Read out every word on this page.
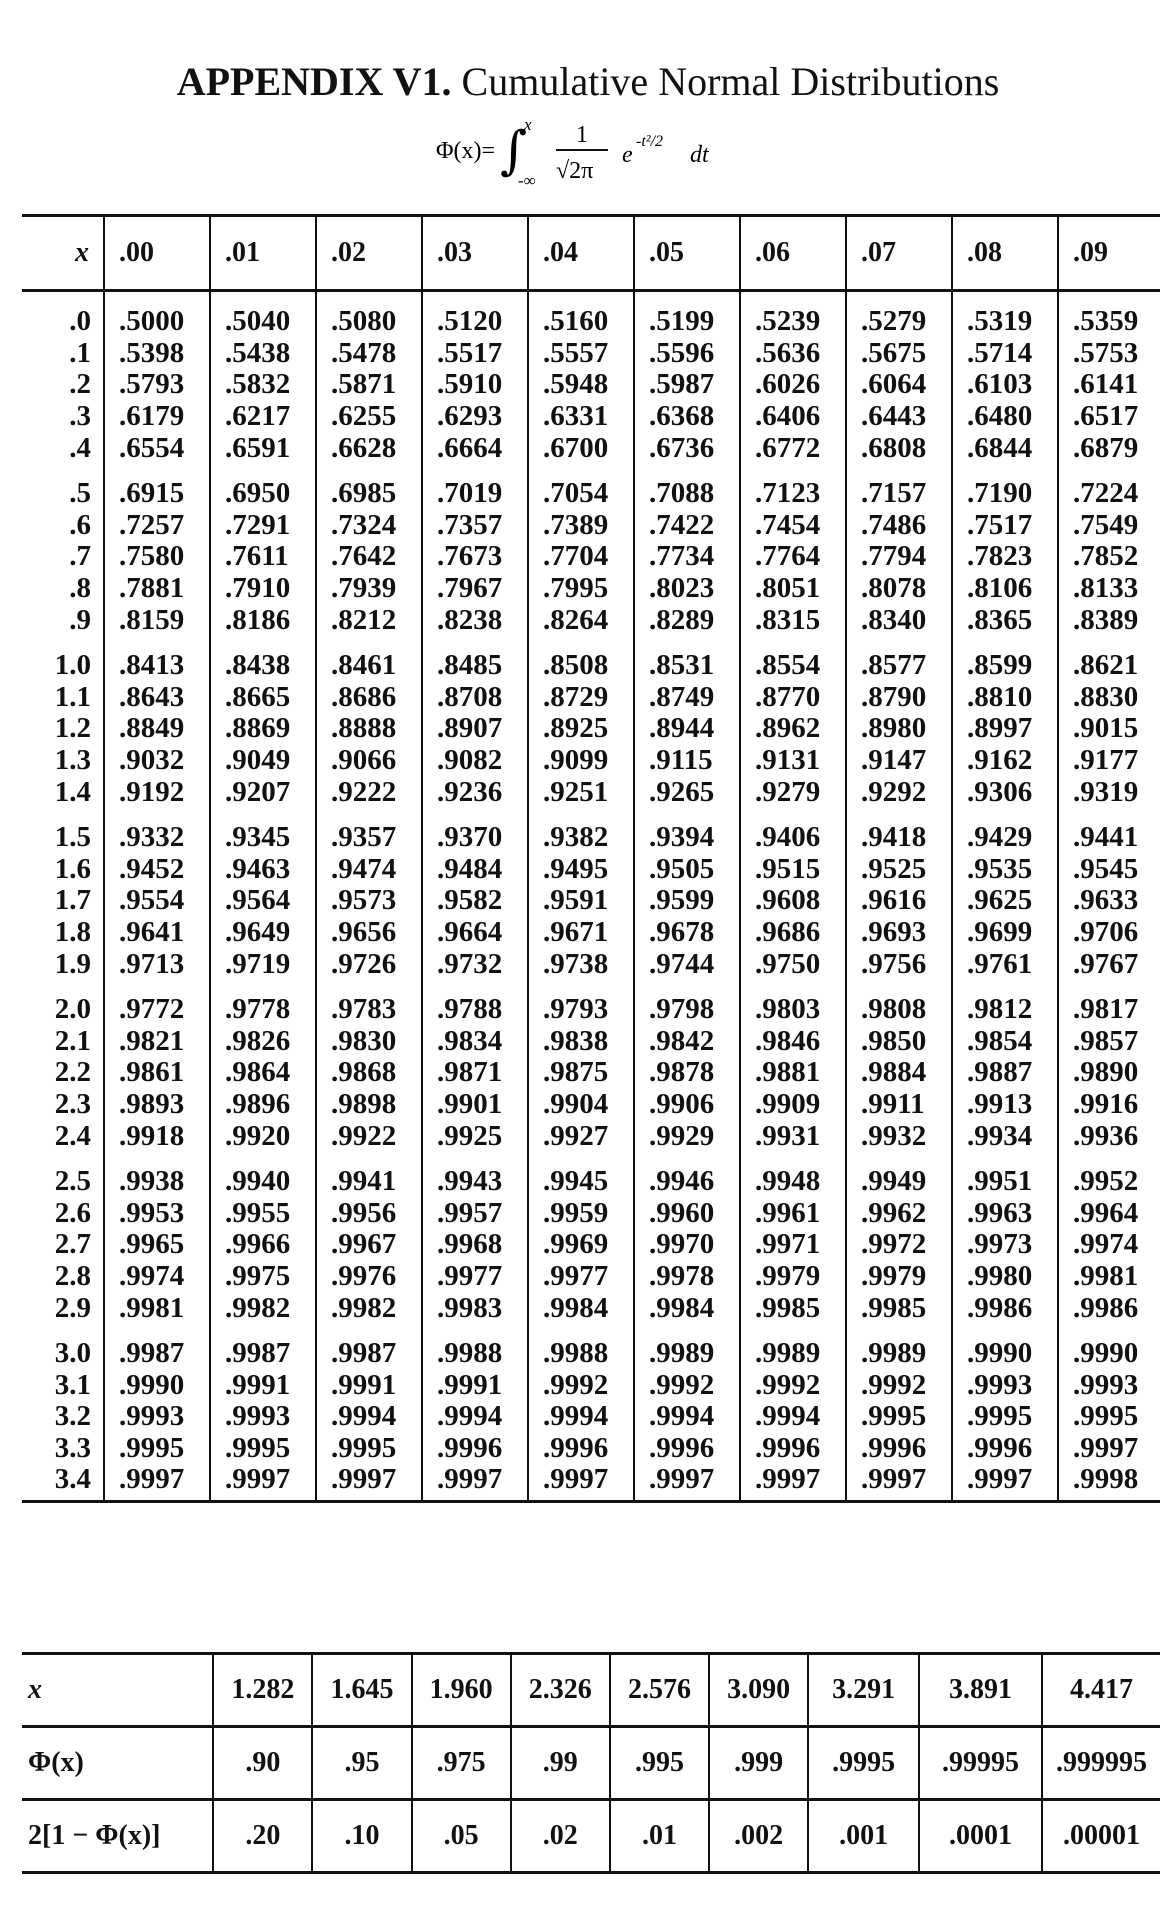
APPENDIX V1. Cumulative Normal Distributions
Φ(x)= ∫
x
-∞
1
√2π
e
-t²/2
dt
x	.00	.01	.02	.03	.04	.05	.06	.07	.08	.09
.0	.5000	.5040	.5080	.5120	.5160	.5199	.5239	.5279	.5319	.5359
.1	.5398	.5438	.5478	.5517	.5557	.5596	.5636	.5675	.5714	.5753
.2	.5793	.5832	.5871	.5910	.5948	.5987	.6026	.6064	.6103	.6141
.3	.6179	.6217	.6255	.6293	.6331	.6368	.6406	.6443	.6480	.6517
.4	.6554	.6591	.6628	.6664	.6700	.6736	.6772	.6808	.6844	.6879
.5	.6915	.6950	.6985	.7019	.7054	.7088	.7123	.7157	.7190	.7224
.6	.7257	.7291	.7324	.7357	.7389	.7422	.7454	.7486	.7517	.7549
.7	.7580	.7611	.7642	.7673	.7704	.7734	.7764	.7794	.7823	.7852
.8	.7881	.7910	.7939	.7967	.7995	.8023	.8051	.8078	.8106	.8133
.9	.8159	.8186	.8212	.8238	.8264	.8289	.8315	.8340	.8365	.8389
1.0	.8413	.8438	.8461	.8485	.8508	.8531	.8554	.8577	.8599	.8621
1.1	.8643	.8665	.8686	.8708	.8729	.8749	.8770	.8790	.8810	.8830
1.2	.8849	.8869	.8888	.8907	.8925	.8944	.8962	.8980	.8997	.9015
1.3	.9032	.9049	.9066	.9082	.9099	.9115	.9131	.9147	.9162	.9177
1.4	.9192	.9207	.9222	.9236	.9251	.9265	.9279	.9292	.9306	.9319
1.5	.9332	.9345	.9357	.9370	.9382	.9394	.9406	.9418	.9429	.9441
1.6	.9452	.9463	.9474	.9484	.9495	.9505	.9515	.9525	.9535	.9545
1.7	.9554	.9564	.9573	.9582	.9591	.9599	.9608	.9616	.9625	.9633
1.8	.9641	.9649	.9656	.9664	.9671	.9678	.9686	.9693	.9699	.9706
1.9	.9713	.9719	.9726	.9732	.9738	.9744	.9750	.9756	.9761	.9767
2.0	.9772	.9778	.9783	.9788	.9793	.9798	.9803	.9808	.9812	.9817
2.1	.9821	.9826	.9830	.9834	.9838	.9842	.9846	.9850	.9854	.9857
2.2	.9861	.9864	.9868	.9871	.9875	.9878	.9881	.9884	.9887	.9890
2.3	.9893	.9896	.9898	.9901	.9904	.9906	.9909	.9911	.9913	.9916
2.4	.9918	.9920	.9922	.9925	.9927	.9929	.9931	.9932	.9934	.9936
2.5	.9938	.9940	.9941	.9943	.9945	.9946	.9948	.9949	.9951	.9952
2.6	.9953	.9955	.9956	.9957	.9959	.9960	.9961	.9962	.9963	.9964
2.7	.9965	.9966	.9967	.9968	.9969	.9970	.9971	.9972	.9973	.9974
2.8	.9974	.9975	.9976	.9977	.9977	.9978	.9979	.9979	.9980	.9981
2.9	.9981	.9982	.9982	.9983	.9984	.9984	.9985	.9985	.9986	.9986
3.0	.9987	.9987	.9987	.9988	.9988	.9989	.9989	.9989	.9990	.9990
3.1	.9990	.9991	.9991	.9991	.9992	.9992	.9992	.9992	.9993	.9993
3.2	.9993	.9993	.9994	.9994	.9994	.9994	.9994	.9995	.9995	.9995
3.3	.9995	.9995	.9995	.9996	.9996	.9996	.9996	.9996	.9996	.9997
3.4	.9997	.9997	.9997	.9997	.9997	.9997	.9997	.9997	.9997	.9998
x	1.282	1.645	1.960	2.326	2.576	3.090	3.291	3.891	4.417
Φ(x)	.90	.95	.975	.99	.995	.999	.9995	.99995	.999995
2[1 − Φ(x)]	.20	.10	.05	.02	.01	.002	.001	.0001	.00001
